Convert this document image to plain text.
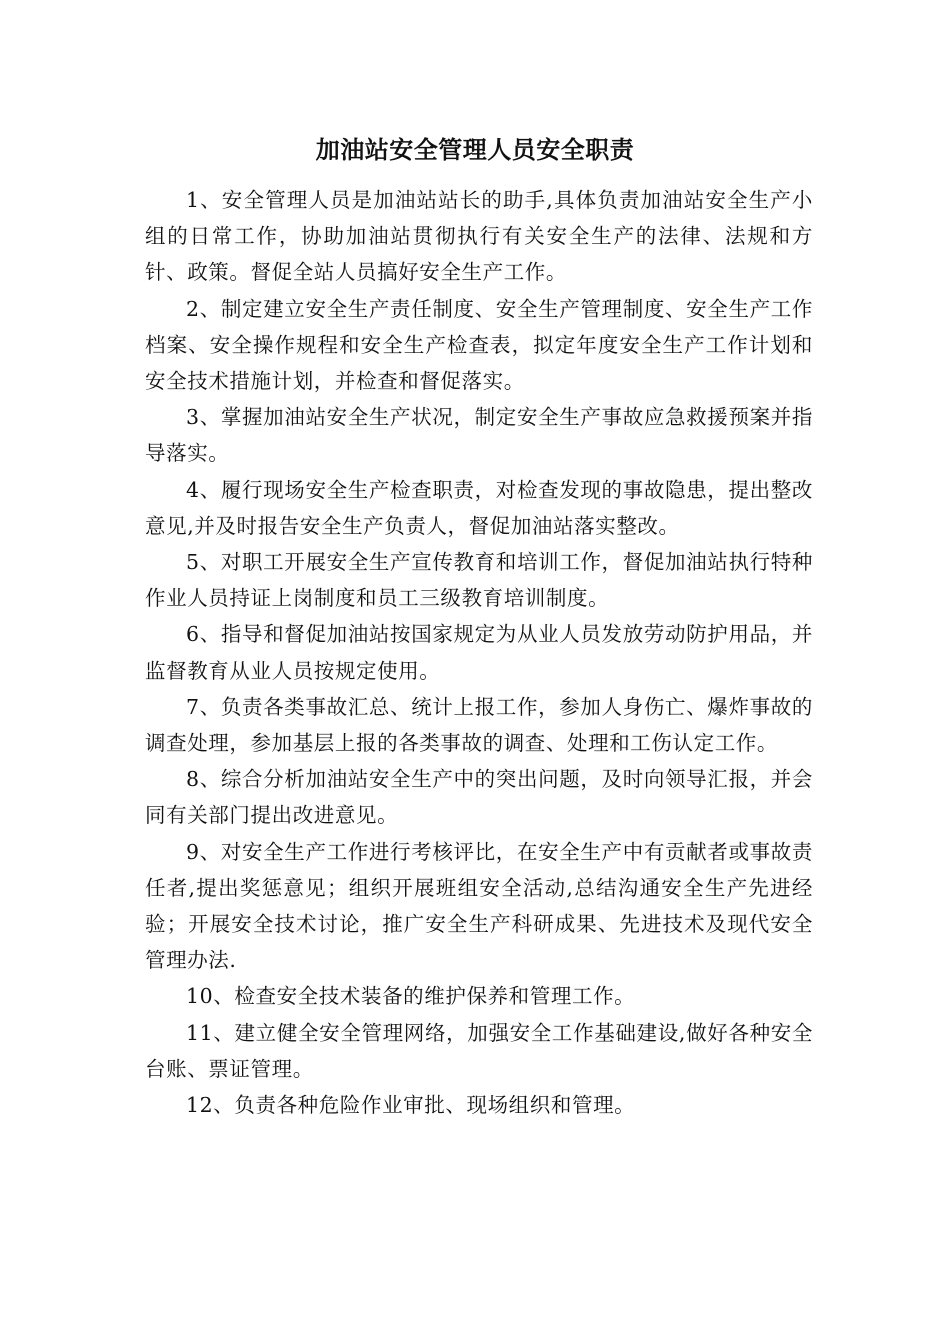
加油站安全管理人员安全职责

1、安全管理人员是加油站站长的助手,具体负责加油站安全生产小组的日常工作，协助加油站贯彻执行有关安全生产的法律、法规和方针、政策。督促全站人员搞好安全生产工作。

2、制定建立安全生产责任制度、安全生产管理制度、安全生产工作档案、安全操作规程和安全生产检查表，拟定年度安全生产工作计划和安全技术措施计划，并检查和督促落实。

3、掌握加油站安全生产状况，制定安全生产事故应急救援预案并指导落实。

4、履行现场安全生产检查职责，对检查发现的事故隐患，提出整改意见,并及时报告安全生产负责人，督促加油站落实整改。

5、对职工开展安全生产宣传教育和培训工作，督促加油站执行特种作业人员持证上岗制度和员工三级教育培训制度。

6、指导和督促加油站按国家规定为从业人员发放劳动防护用品，并监督教育从业人员按规定使用。

7、负责各类事故汇总、统计上报工作，参加人身伤亡、爆炸事故的调查处理，参加基层上报的各类事故的调查、处理和工伤认定工作。

8、综合分析加油站安全生产中的突出问题，及时向领导汇报，并会同有关部门提出改进意见。

9、对安全生产工作进行考核评比，在安全生产中有贡献者或事故责任者,提出奖惩意见；组织开展班组安全活动,总结沟通安全生产先进经验；开展安全技术讨论，推广安全生产科研成果、先进技术及现代安全管理办法.

10、检查安全技术装备的维护保养和管理工作。

11、建立健全安全管理网络，加强安全工作基础建设,做好各种安全台账、票证管理。

12、负责各种危险作业审批、现场组织和管理。
